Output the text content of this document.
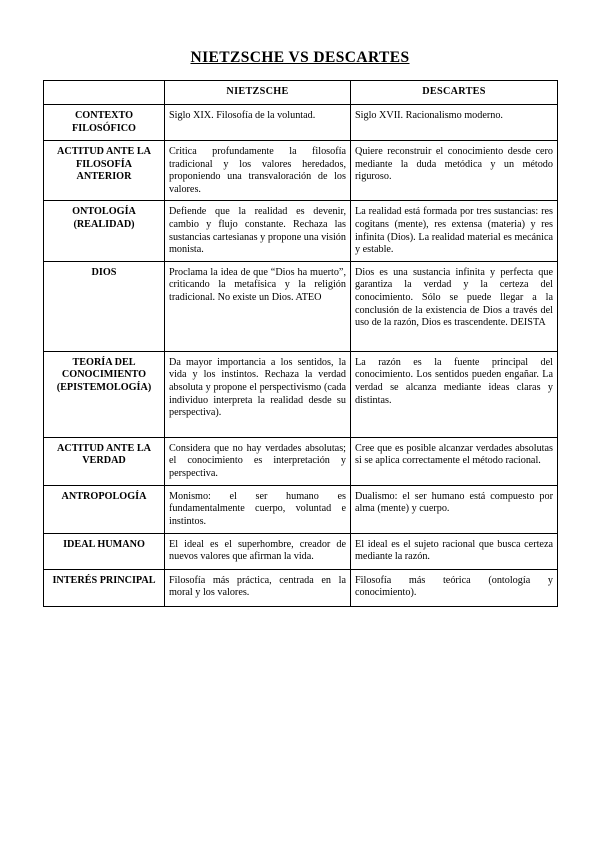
NIETZSCHE VS DESCARTES
	NIETZSCHE	DESCARTES
CONTEXTO FILOSÓFICO	Siglo XIX. Filosofía de la voluntad.	Siglo XVII. Racionalismo moderno.
ACTITUD ANTE LA FILOSOFÍA ANTERIOR	Critica profundamente la filosofía tradicional y los valores heredados, proponiendo una transvaloración de los valores.	Quiere reconstruir el conocimiento desde cero mediante la duda metódica y un método riguroso.
ONTOLOGÍA (REALIDAD)	Defiende que la realidad es devenir, cambio y flujo constante. Rechaza las sustancias cartesianas y propone una visión monista.	La realidad está formada por tres sustancias: res cogitans (mente), res extensa (materia) y res infinita (Dios). La realidad material es mecánica y estable.
DIOS	Proclama la idea de que “Dios ha muerto”, criticando la metafísica y la religión tradicional. No existe un Dios. ATEO	Dios es una sustancia infinita y perfecta que garantiza la verdad y la certeza del conocimiento. Sólo se puede llegar a la conclusión de la existencia de Dios a través del uso de la razón, Dios es trascendente. DEISTA
TEORÍA DEL CONOCIMIENTO (EPISTEMOLOGÍA)	Da mayor importancia a los sentidos, la vida y los instintos. Rechaza la verdad absoluta y propone el perspectivismo (cada individuo interpreta la realidad desde su perspectiva).	La razón es la fuente principal del conocimiento. Los sentidos pueden engañar. La verdad se alcanza mediante ideas claras y distintas.
ACTITUD ANTE LA VERDAD	Considera que no hay verdades absolutas; el conocimiento es interpretación y perspectiva.	Cree que es posible alcanzar verdades absolutas si se aplica correctamente el método racional.
ANTROPOLOGÍA	Monismo: el ser humano es fundamentalmente cuerpo, voluntad e instintos.	Dualismo: el ser humano está compuesto por alma (mente) y cuerpo.
IDEAL HUMANO	El ideal es el superhombre, creador de nuevos valores que afirman la vida.	El ideal es el sujeto racional que busca certeza mediante la razón.
INTERÉS PRINCIPAL	Filosofía más práctica, centrada en la moral y los valores.	Filosofía más teórica (ontología y conocimiento).
